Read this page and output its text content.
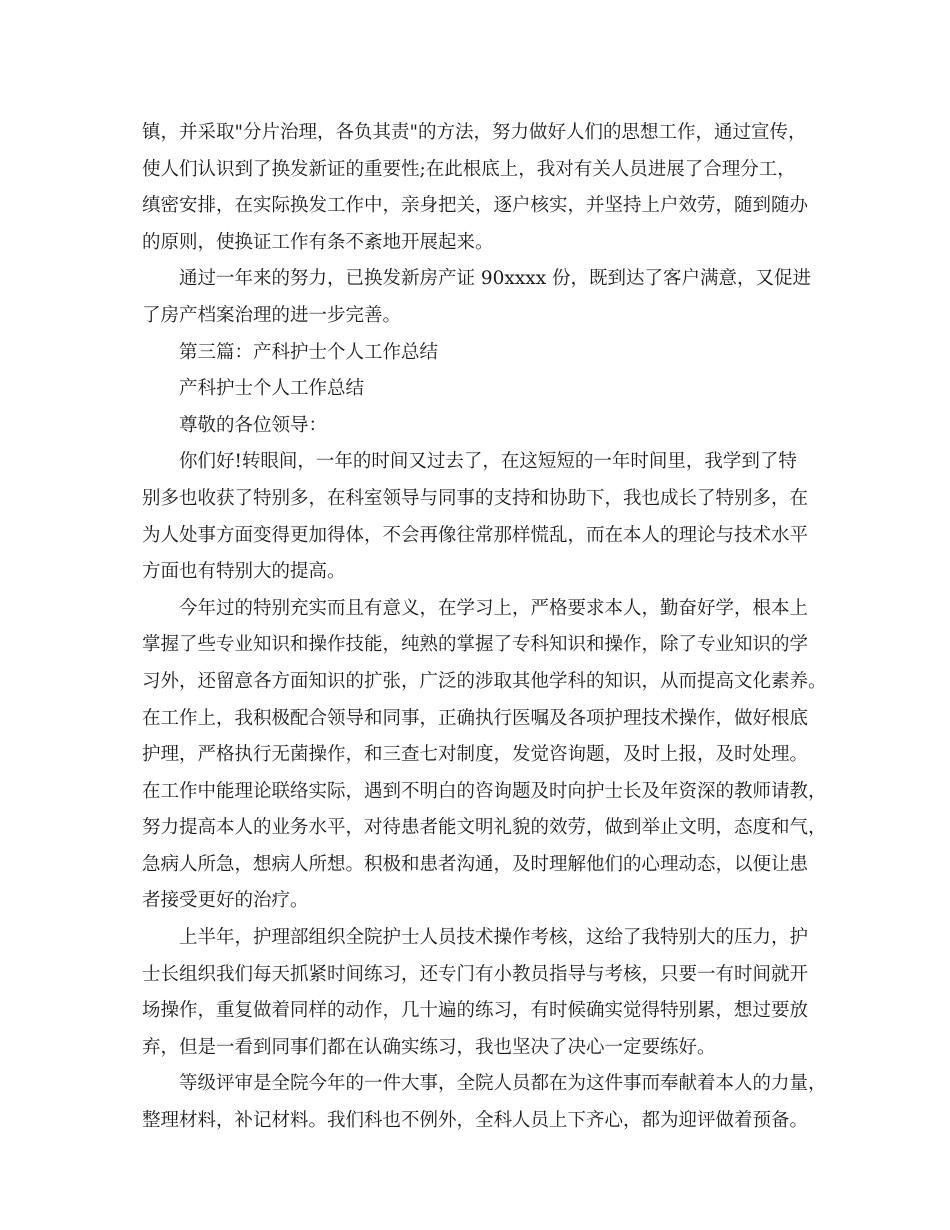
镇，并采取"分片治理，各负其责"的方法，努力做好人们的思想工作，通过宣传，
使人们认识到了换发新证的重要性;在此根底上，我对有关人员进展了合理分工，
缜密安排，在实际换发工作中，亲身把关，逐户核实，并坚持上户效劳，随到随办
的原则，使换证工作有条不紊地开展起来。
通过一年来的努力，已换发新房产证 90xxxx 份，既到达了客户满意，又促进
了房产档案治理的进一步完善。
第三篇：产科护士个人工作总结
产科护士个人工作总结
尊敬的各位领导：
你们好!转眼间，一年的时间又过去了，在这短短的一年时间里，我学到了特
别多也收获了特别多，在科室领导与同事的支持和协助下，我也成长了特别多，在
为人处事方面变得更加得体，不会再像往常那样慌乱，而在本人的理论与技术水平
方面也有特别大的提高。
今年过的特别充实而且有意义，在学习上，严格要求本人，勤奋好学，根本上
掌握了些专业知识和操作技能，纯熟的掌握了专科知识和操作，除了专业知识的学
习外，还留意各方面知识的扩张，广泛的涉取其他学科的知识，从而提高文化素养。
在工作上，我积极配合领导和同事，正确执行医嘱及各项护理技术操作，做好根底
护理，严格执行无菌操作，和三查七对制度，发觉咨询题，及时上报，及时处理。
在工作中能理论联络实际，遇到不明白的咨询题及时向护士长及年资深的教师请教，
努力提高本人的业务水平，对待患者能文明礼貌的效劳，做到举止文明，态度和气，
急病人所急，想病人所想。积极和患者沟通，及时理解他们的心理动态，以便让患
者接受更好的治疗。
上半年，护理部组织全院护士人员技术操作考核，这给了我特别大的压力，护
士长组织我们每天抓紧时间练习，还专门有小教员指导与考核，只要一有时间就开
场操作，重复做着同样的动作，几十遍的练习，有时候确实觉得特别累，想过要放
弃，但是一看到同事们都在认确实练习，我也坚决了决心一定要练好。
等级评审是全院今年的一件大事，全院人员都在为这件事而奉献着本人的力量，
整理材料，补记材料。我们科也不例外，全科人员上下齐心，都为迎评做着预备。
